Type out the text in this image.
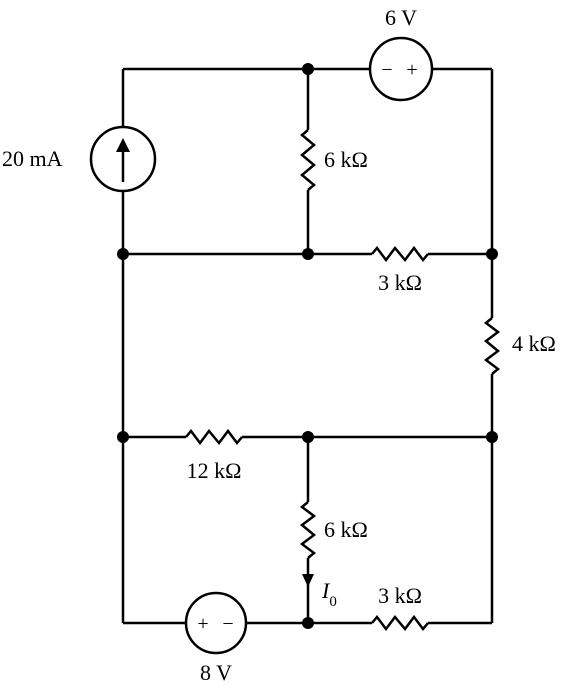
− +
+ −
6 V
20 mA	6 kΩ
3 kΩ
4 kΩ
12 kΩ
6 kΩ
3 kΩ
8 V
$I_0$
